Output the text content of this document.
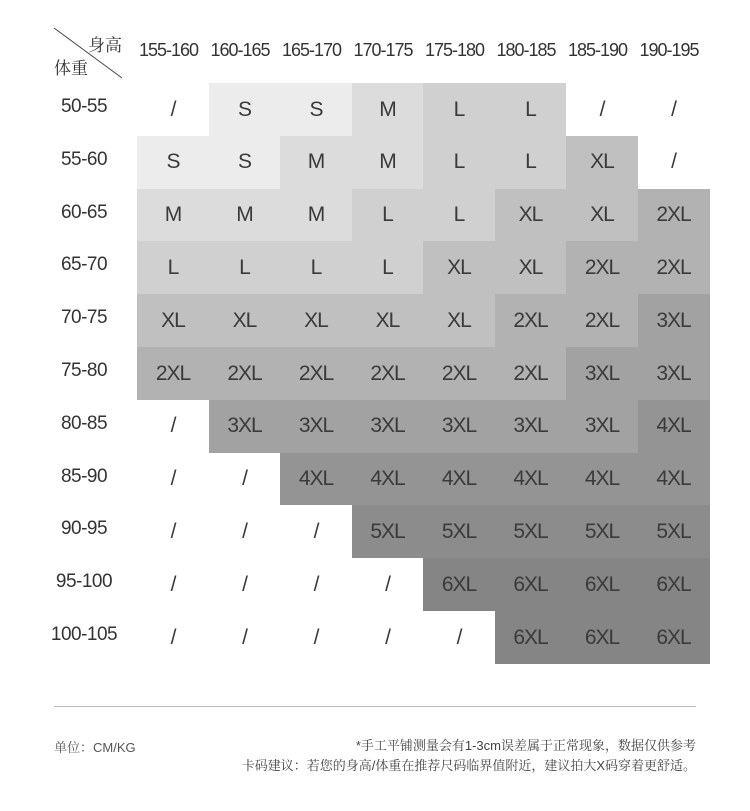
身高
体重
155-160 160-165 165-170 170-175 175-180 180-185 185-190 190-195
50-55	/	S	S	M	L	L	/	/
55-60	S	S	M	M	L	L	XL	/
60-65	M	M	M	L	L	XL	XL	2XL
65-70	L	L	L	L	XL	XL	2XL	2XL
70-75	XL	XL	XL	XL	XL	2XL	2XL	3XL
75-80	2XL	2XL	2XL	2XL	2XL	2XL	3XL	3XL
80-85	/	3XL	3XL	3XL	3XL	3XL	3XL	4XL
85-90	/	/	4XL	4XL	4XL	4XL	4XL	4XL
90-95	/	/	/	5XL	5XL	5XL	5XL	5XL
95-100	/	/	/	/	6XL	6XL	6XL	6XL
100-105	/	/	/	/	/	6XL	6XL	6XL
单位：CM/KG	*手工平铺测量会有1-3cm误差属于正常现象，数据仅供参考
卡码建议：若您的身高/体重在推荐尺码临界值附近，建议拍大X码穿着更舒适。
